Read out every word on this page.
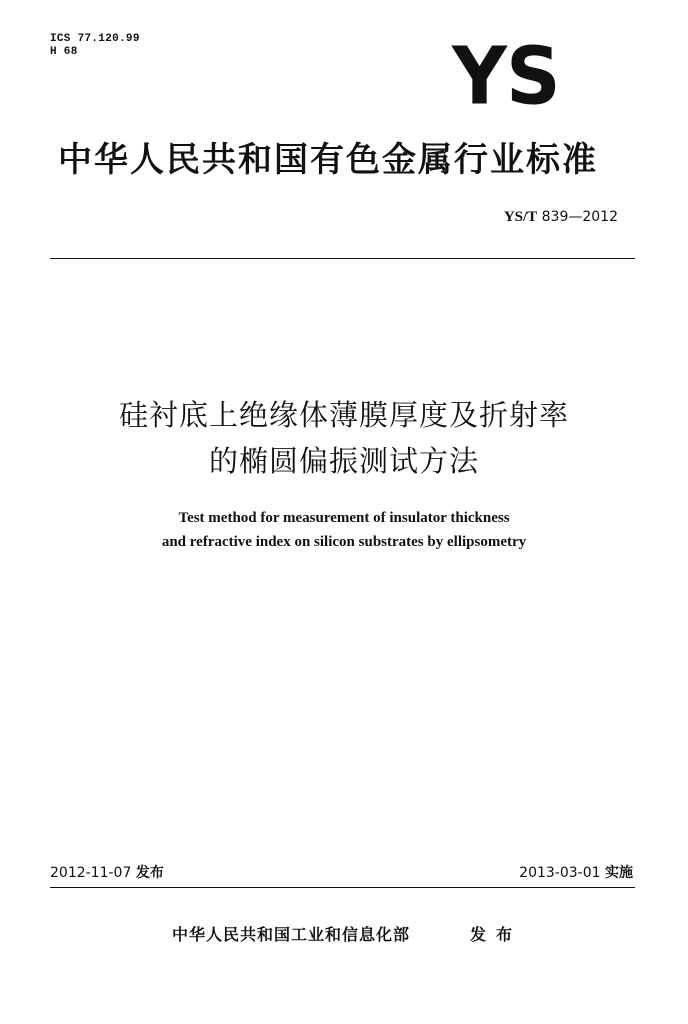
ICS 77.120.99
H 68	YS
中华人民共和国有色金属行业标准
YS/T 839—2012
硅衬底上绝缘体薄膜厚度及折射率
的椭圆偏振测试方法
Test method for measurement of insulator thickness
and refractive index on silicon substrates by ellipsometry
2012-11-07 发布	2013-03-01 实施
中华人民共和国工业和信息化部	发布
